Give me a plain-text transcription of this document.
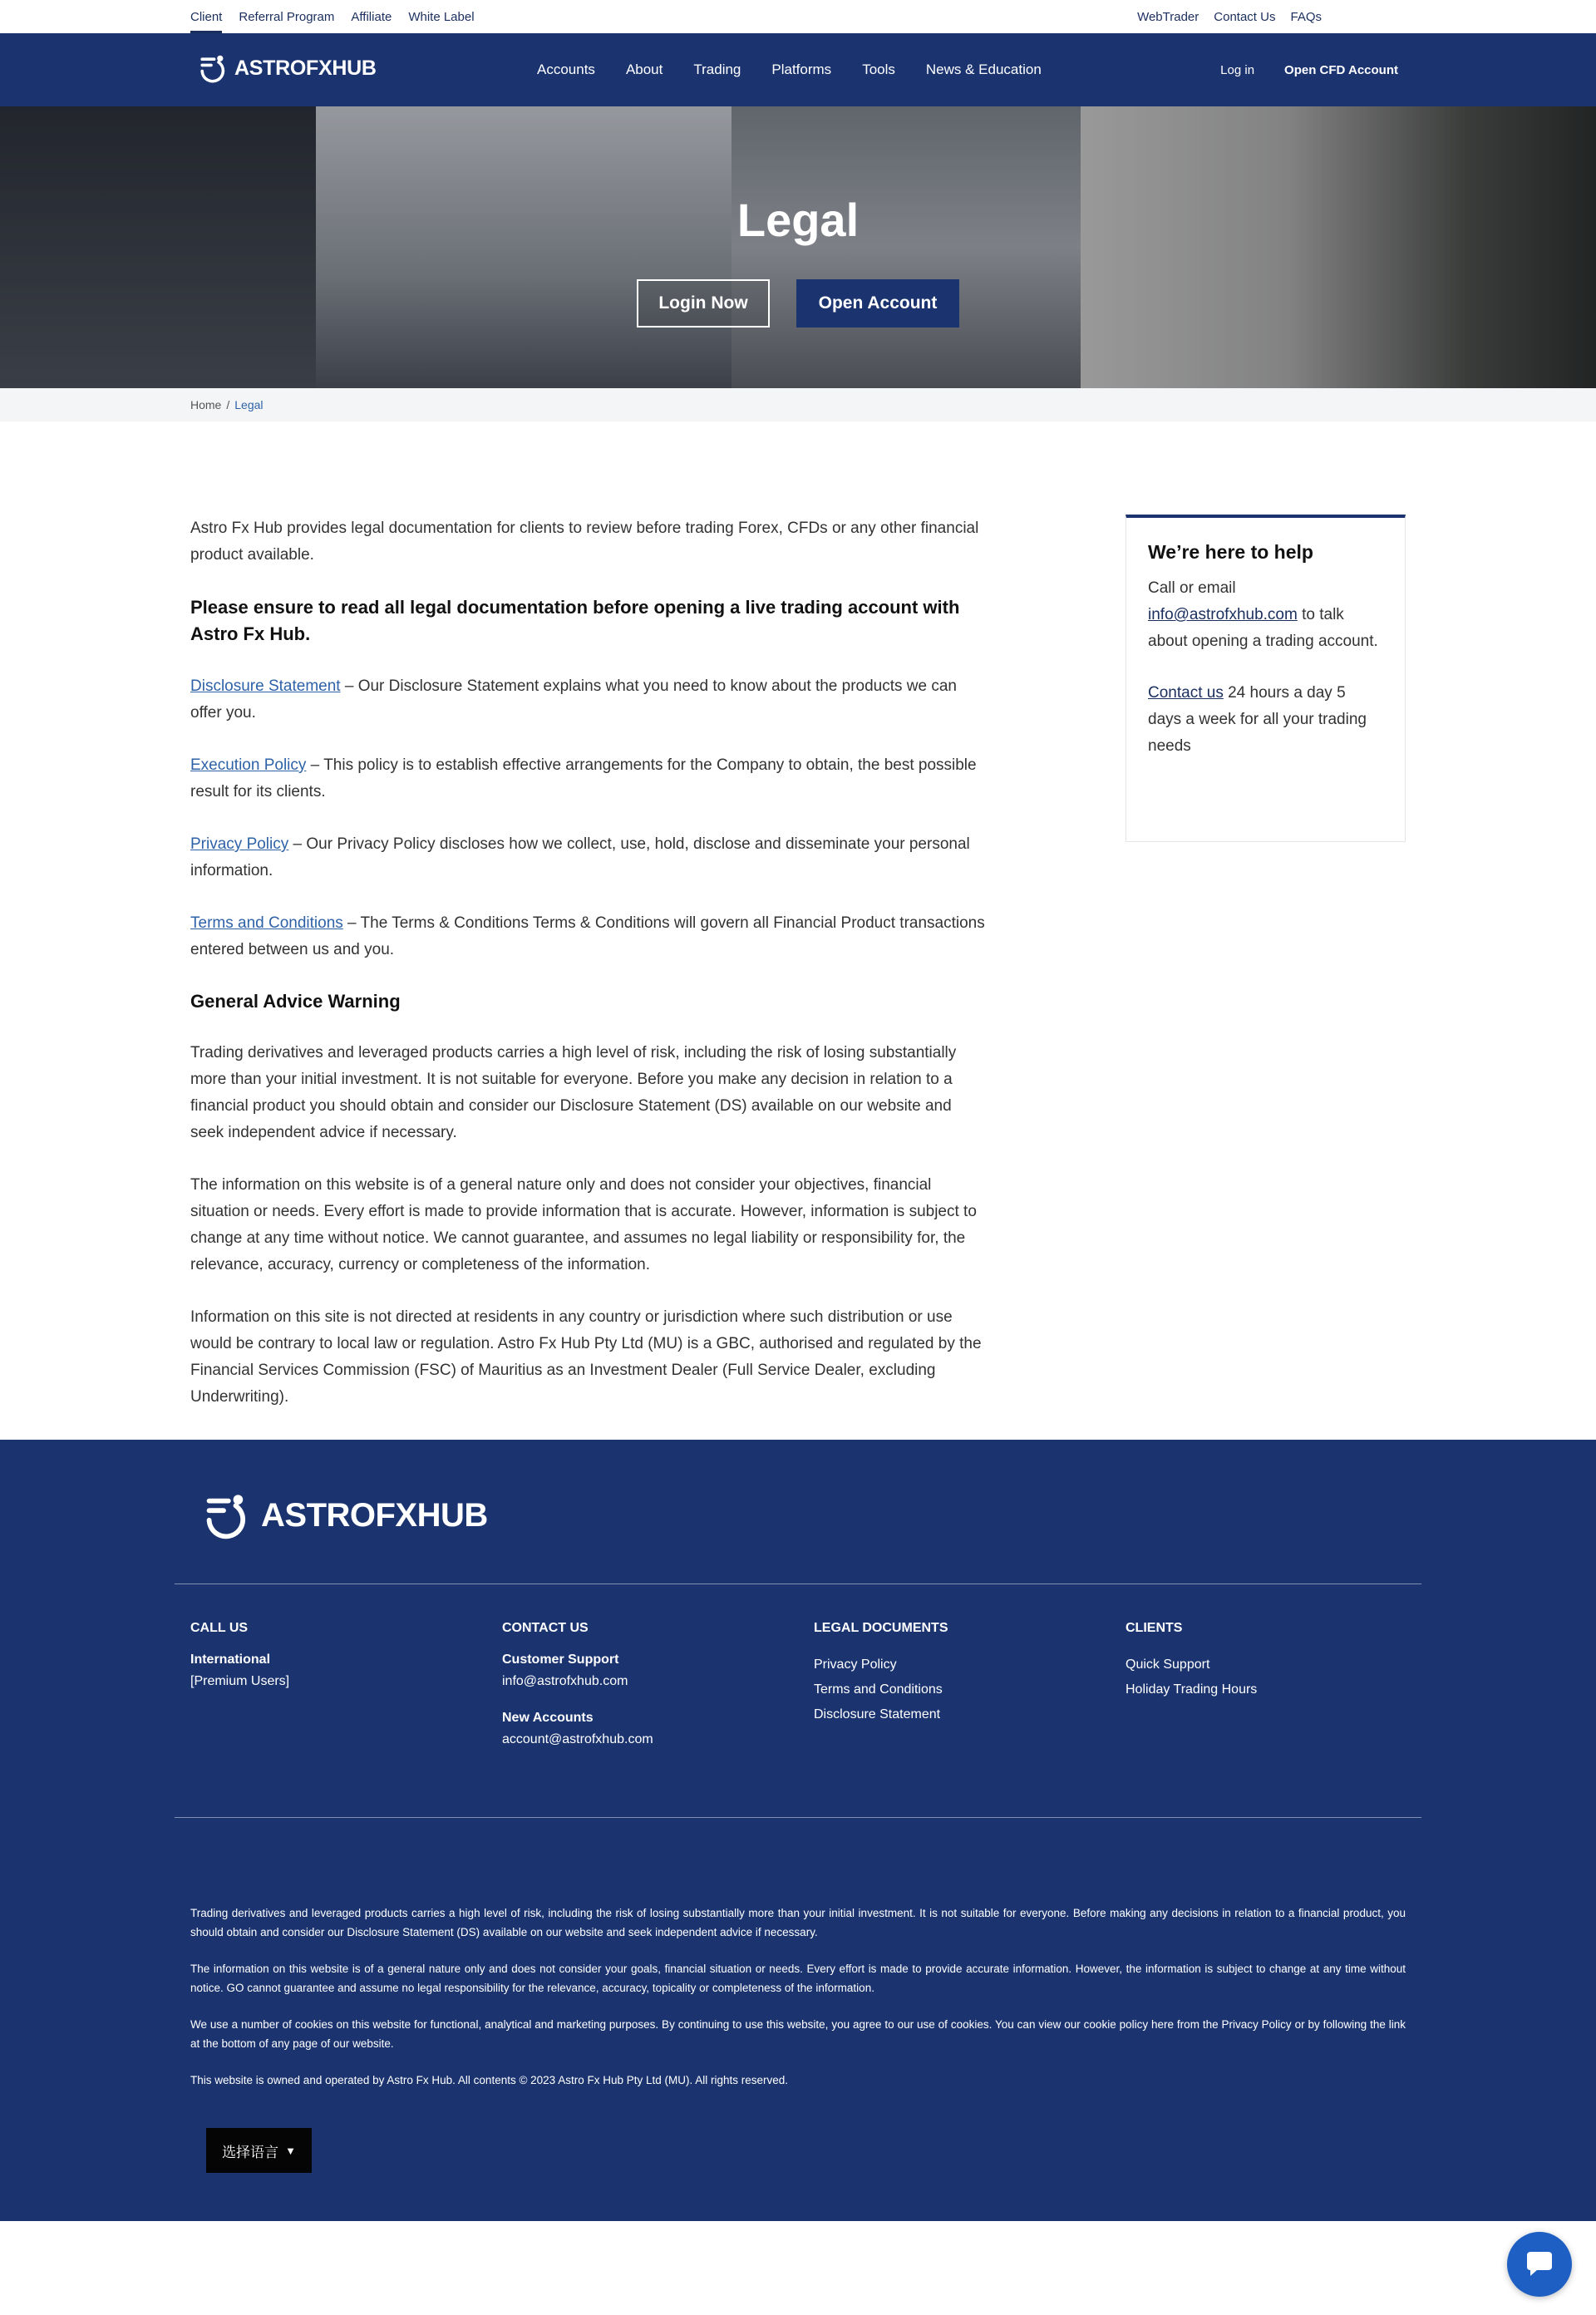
Client Referral Program Affiliate White Label	WebTrader Contact Us FAQs
ASTROFXHUB	Accounts About Trading Platforms Tools News & Education	Log in Open CFD Account
Legal
Login Now	Open Account
Home / Legal

Astro Fx Hub provides legal documentation for clients to review before trading Forex, CFDs or any other financial product available.

Please ensure to read all legal documentation before opening a live trading account with Astro Fx Hub.

Disclosure Statement – Our Disclosure Statement explains what you need to know about the products we can offer you.

Execution Policy – This policy is to establish effective arrangements for the Company to obtain, the best possible result for its clients.

Privacy Policy – Our Privacy Policy discloses how we collect, use, hold, disclose and disseminate your personal information.

Terms and Conditions – The Terms & Conditions Terms & Conditions will govern all Financial Product transactions entered between us and you.

General Advice Warning

Trading derivatives and leveraged products carries a high level of risk, including the risk of losing substantially more than your initial investment. It is not suitable for everyone. Before you make any decision in relation to a financial product you should obtain and consider our Disclosure Statement (DS) available on our website and seek independent advice if necessary.

The information on this website is of a general nature only and does not consider your objectives, financial situation or needs. Every effort is made to provide information that is accurate. However, information is subject to change at any time without notice. We cannot guarantee, and assumes no legal liability or responsibility for, the relevance, accuracy, currency or completeness of the information.

Information on this site is not directed at residents in any country or jurisdiction where such distribution or use would be contrary to local law or regulation. Astro Fx Hub Pty Ltd (MU) is a GBC, authorised and regulated by the Financial Services Commission (FSC) of Mauritius as an Investment Dealer (Full Service Dealer, excluding Underwriting).

We’re here to help

Call or email info@astrofxhub.com to talk about opening a trading account.

Contact us 24 hours a day 5 days a week for all your trading needs

ASTROFXHUB
CALL US
International
[Premium Users]
CONTACT US
Customer Support
info@astrofxhub.com
New Accounts
account@astrofxhub.com
LEGAL DOCUMENTS
Privacy Policy
Terms and Conditions
Disclosure Statement
CLIENTS
Quick Support
Holiday Trading Hours

Trading derivatives and leveraged products carries a high level of risk, including the risk of losing substantially more than your initial investment. It is not suitable for everyone. Before making any decisions in relation to a financial product, you should obtain and consider our Disclosure Statement (DS) available on our website and seek independent advice if necessary.

The information on this website is of a general nature only and does not consider your goals, financial situation or needs. Every effort is made to provide accurate information. However, the information is subject to change at any time without notice. GO cannot guarantee and assume no legal responsibility for the relevance, accuracy, topicality or completeness of the information.

We use a number of cookies on this website for functional, analytical and marketing purposes. By continuing to use this website, you agree to our use of cookies. You can view our cookie policy here from the Privacy Policy or by following the link at the bottom of any page of our website.

This website is owned and operated by Astro Fx Hub. All contents © 2023 Astro Fx Hub Pty Ltd (MU). All rights reserved.

选择语言 ▼
